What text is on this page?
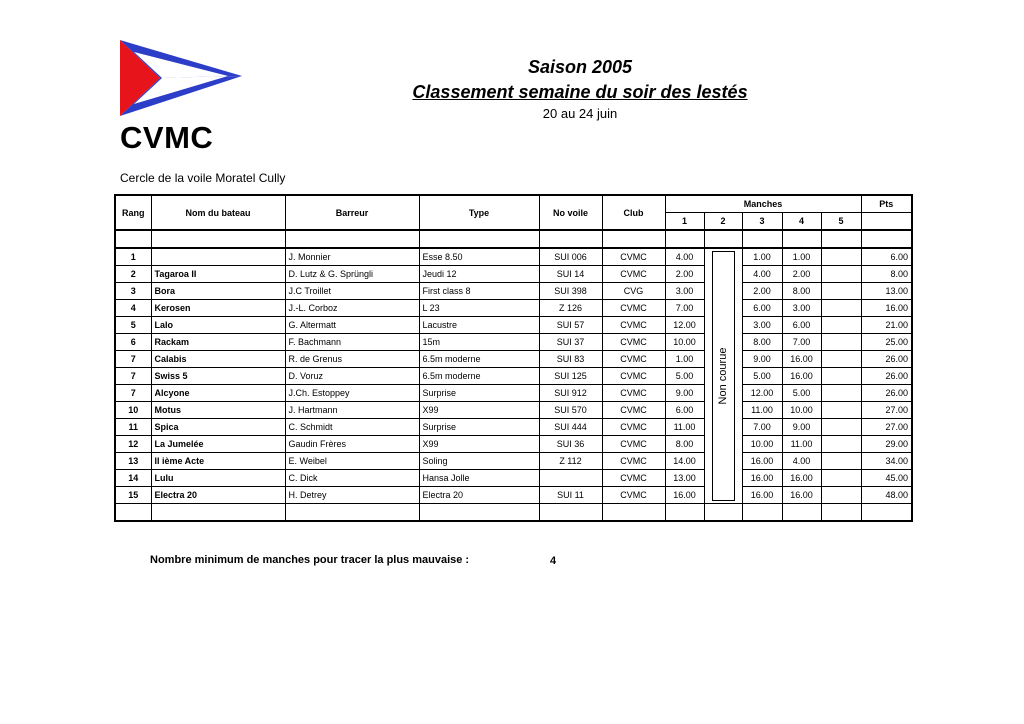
CVMC
Cercle de la voile Moratel Cully
Saison 2005
Classement semaine du soir des lestés
20 au 24 juin
Rang	Nom du bateau	Barreur	Type	No voile	Club	Manches					Pts
						1	2	3	4	5	

1		J. Monnier	Esse 8.50	SUI 006	CVMC	4.00	Non courue	1.00	1.00		6.00
2	Tagaroa II	D. Lutz & G. Sprüngli	Jeudi 12	SUI 14	CVMC	2.00		4.00	2.00		8.00
3	Bora	J.C Troillet	First class 8	SUI 398	CVG	3.00		2.00	8.00		13.00
4	Kerosen	J.-L. Corboz	L 23	Z 126	CVMC	7.00		6.00	3.00		16.00
5	Lalo	G. Altermatt	Lacustre	SUI 57	CVMC	12.00		3.00	6.00		21.00
6	Rackam	F. Bachmann	15m	SUI 37	CVMC	10.00		8.00	7.00		25.00
7	Calabis	R. de Grenus	6.5m moderne	SUI 83	CVMC	1.00		9.00	16.00		26.00
7	Swiss 5	D. Voruz	6.5m moderne	SUI 125	CVMC	5.00		5.00	16.00		26.00
7	Alcyone	J.Ch. Estoppey	Surprise	SUI 912	CVMC	9.00		12.00	5.00		26.00
10	Motus	J. Hartmann	X99	SUI 570	CVMC	6.00		11.00	10.00		27.00
11	Spica	C. Schmidt	Surprise	SUI 444	CVMC	11.00		7.00	9.00		27.00
12	La Jumelée	Gaudin Frères	X99	SUI 36	CVMC	8.00		10.00	11.00		29.00
13	II ième Acte	E. Weibel	Soling	Z 112	CVMC	14.00		16.00	4.00		34.00
14	Lulu	C. Dick	Hansa Jolle		CVMC	13.00		16.00	16.00		45.00
15	Electra 20	H. Detrey	Electra 20	SUI 11	CVMC	16.00		16.00	16.00		48.00

Nombre minimum de manches pour tracer la plus mauvaise :	4
